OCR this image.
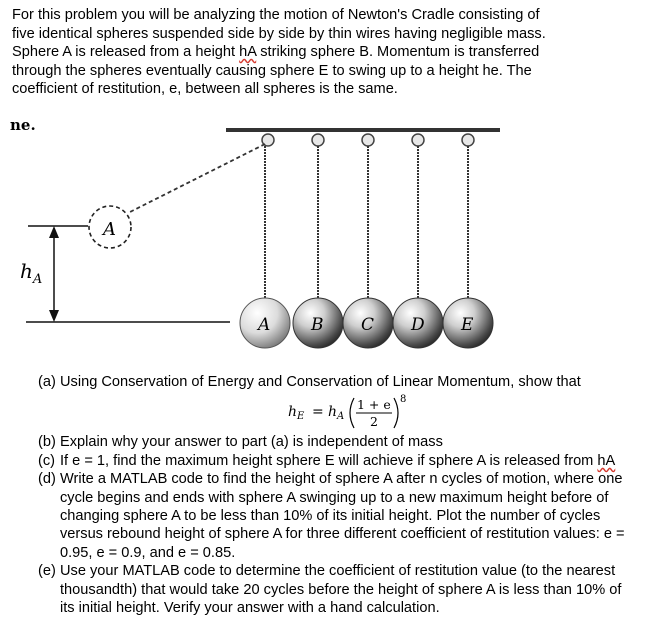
For this problem you will be analyzing the motion of Newton's Cradle consisting of

five identical spheres suspended side by side by thin wires having negligible mass.

Sphere A is released from a height hA striking sphere B. Momentum is transferred

through the spheres eventually causing sphere E to swing up to a height he. The

coefficient of restitution, e, between all spheres is the same.

ne.
A
$h_A$
A B C D E
(a) Using Conservation of Energy and Conservation of Linear Momentum, show that
(b) Explain why your answer to part (a) is independent of mass
(c) If e = 1, find the maximum height sphere E will achieve if sphere A is released from hA
(d) Write a MATLAB code to find the height of sphere A after n cycles of motion, where one cycle begins and ends with sphere A swinging up to a new maximum height before of changing sphere A to be less than 10% of its initial height. Plot the number of cycles versus rebound height of sphere A for three different coefficient of restitution values: e = 0.95, e = 0.9, and e = 0.85.
(e) Use your MATLAB code to determine the coefficient of restitution value (to the nearest thousandth) that would take 20 cycles before the height of sphere A is less than 10% of its initial height. Verify your answer with a hand calculation.
$h_E = h_A$
1 + e
2
8
